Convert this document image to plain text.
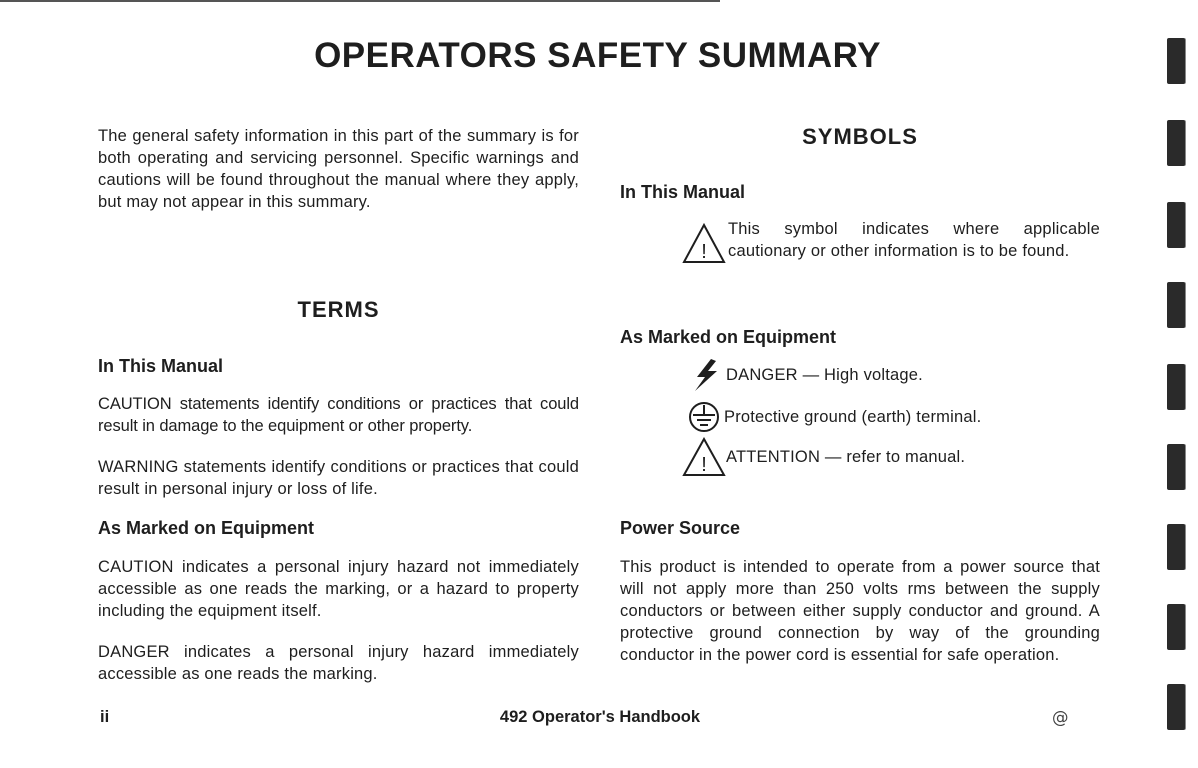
OPERATORS SAFETY SUMMARY

The general safety information in this part of the summary is for both operating and servicing personnel. Specific warnings and cautions will be found throughout the manual where they apply, but may not appear in this summary.

TERMS
In This Manual

CAUTION statements identify conditions or practices that could result in damage to the equipment or other property.

WARNING statements identify conditions or practices that could result in personal injury or loss of life.

As Marked on Equipment

CAUTION indicates a personal injury hazard not immediately accessible as one reads the marking, or a hazard to property including the equipment itself.

DANGER indicates a personal injury hazard immediately accessible as one reads the marking.

SYMBOLS
In This Manual
!

This symbol indicates where applicable cautionary or other information is to be found.

As Marked on Equipment
DANGER — High voltage.
Protective ground (earth) terminal.
! ATTENTION — refer to manual.
Power Source

This product is intended to operate from a power source that will not apply more than 250 volts rms between the supply conductors or between either supply conductor and ground. A protective ground connection by way of the grounding conductor in the power cord is essential for safe operation.

ii	492 Operator's Handbook	@
